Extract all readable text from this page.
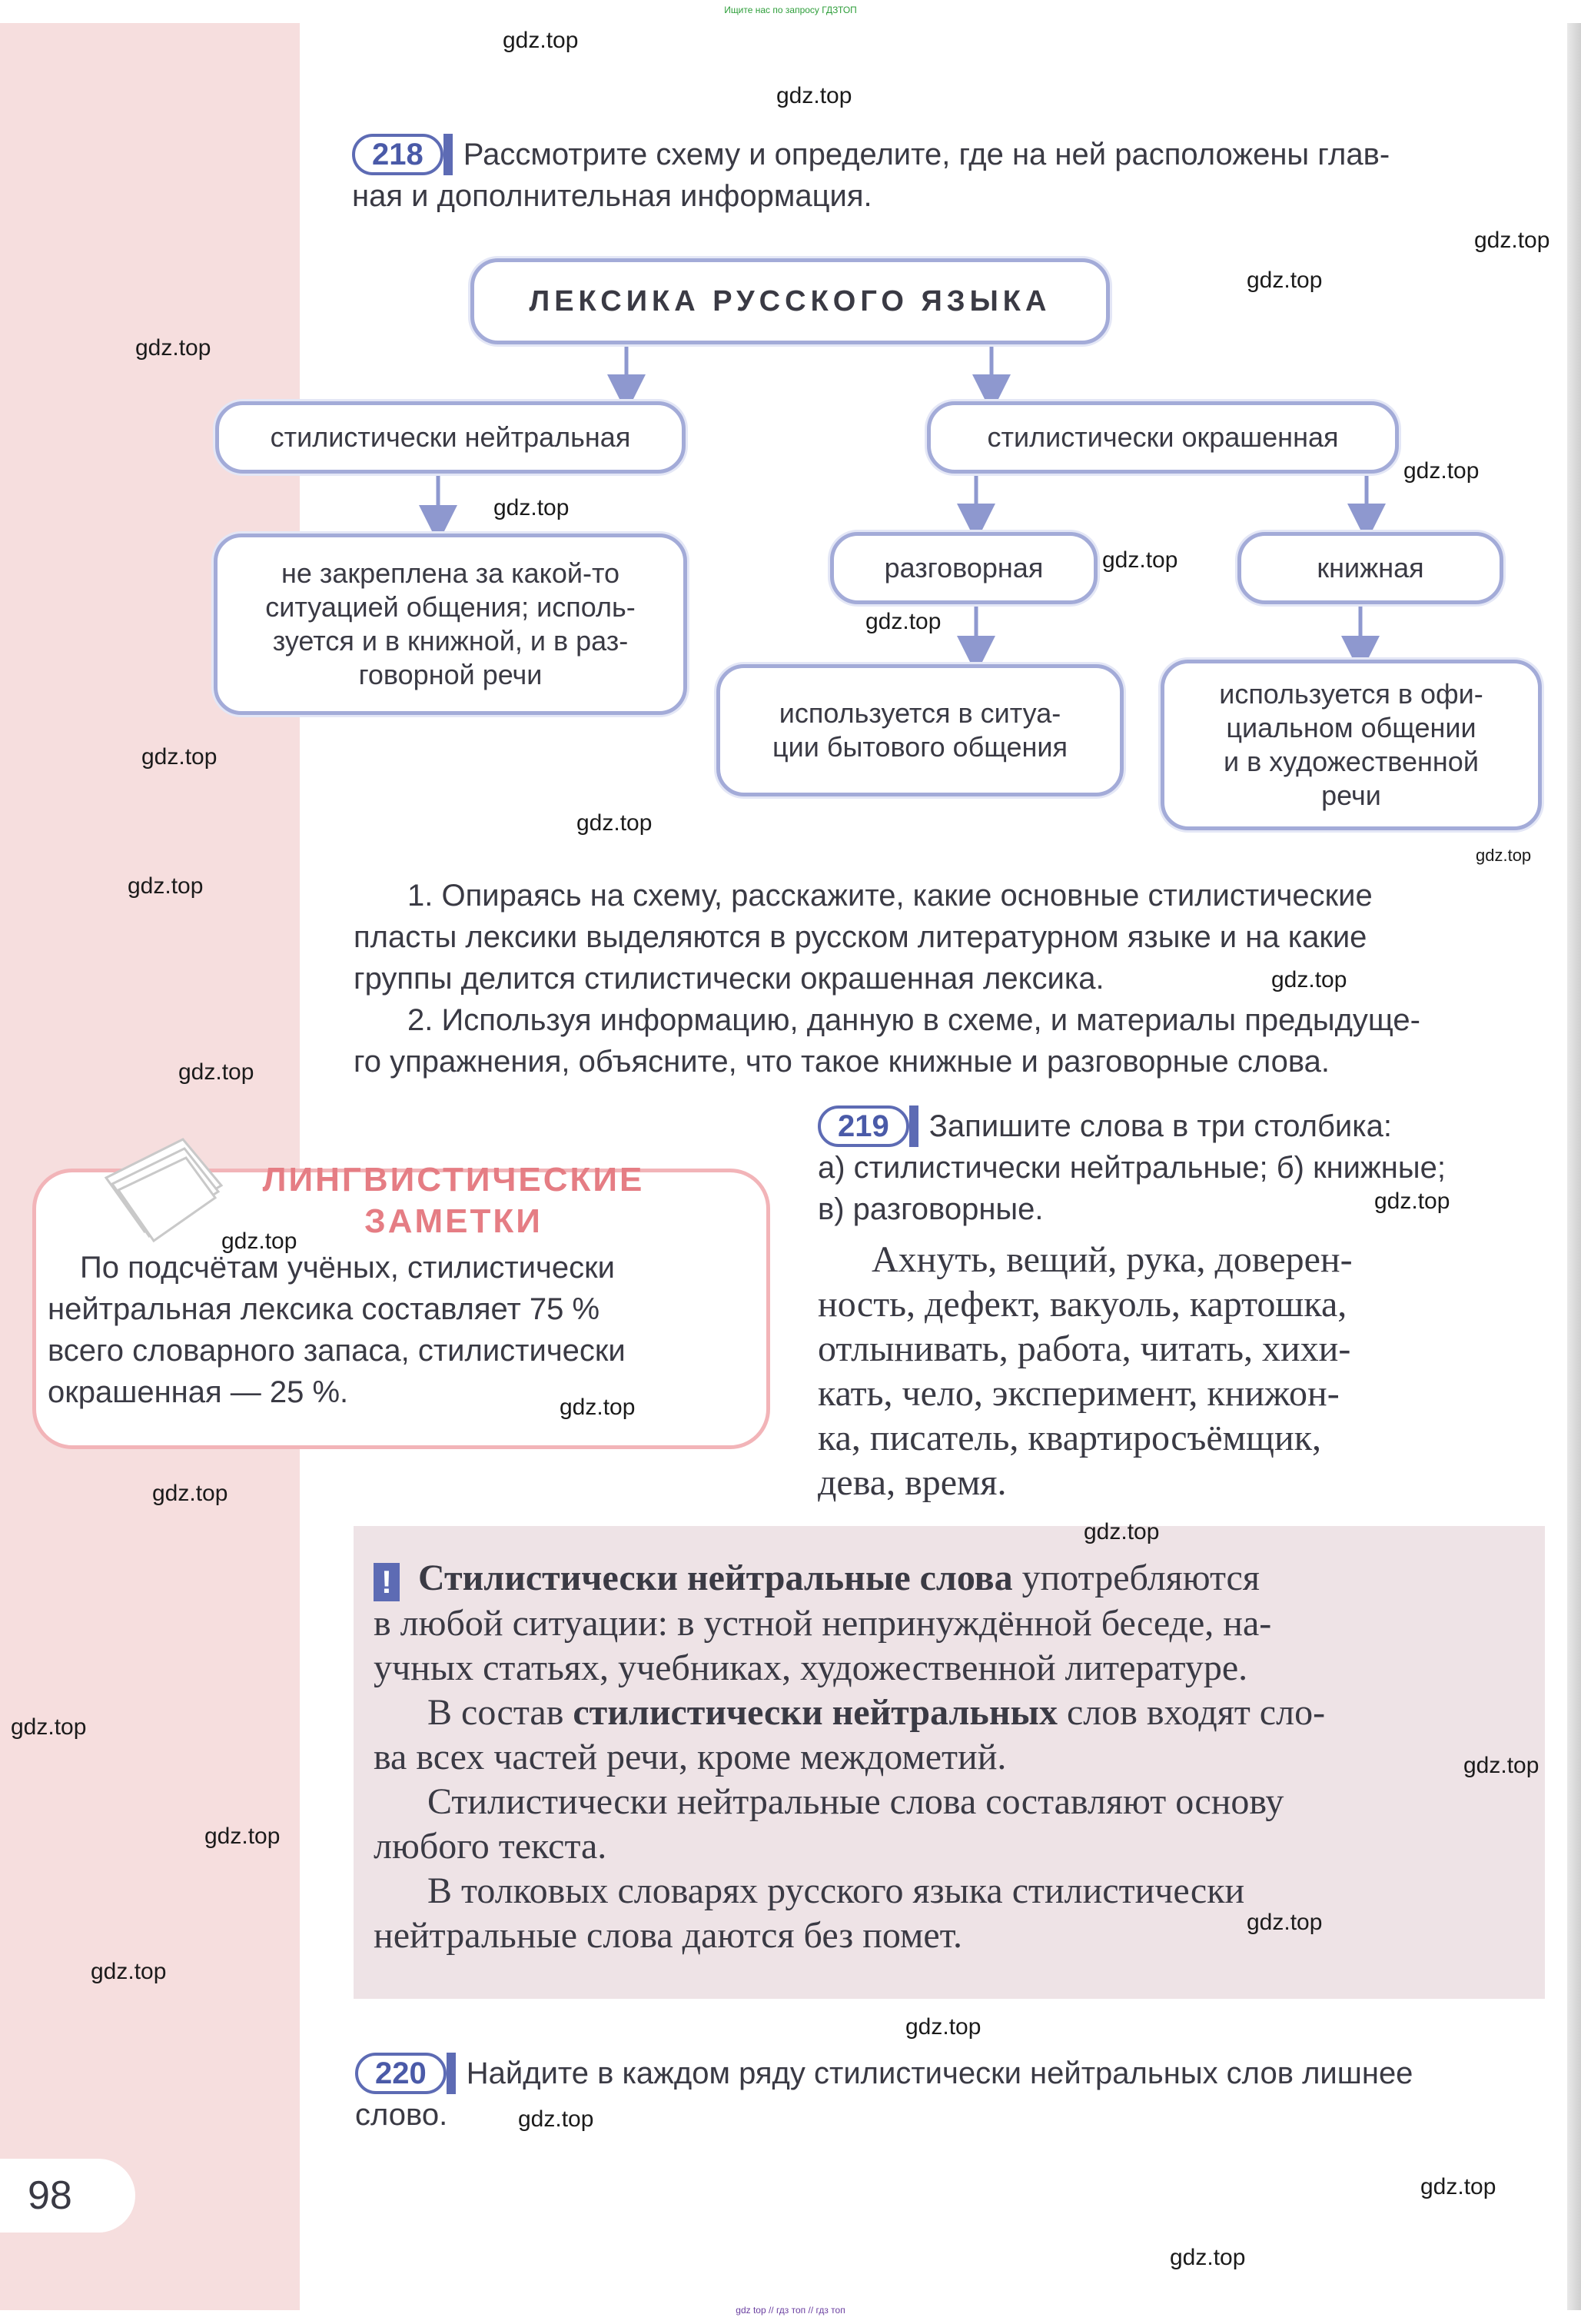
Ищите нас по запросу ГДЗТОП
gdz top // гдз топ // гдз топ
218 Рассмотрите схему и определите, где на ней расположены глав-
ная и дополнительная информация.
ЛЕКСИКА РУССКОГО ЯЗЫКА
стилистически нейтральная	стилистически окрашенная
не закреплена за какой-то
ситуацией общения; исполь-
зуется и в книжной, и в раз-
говорной речи
разговорная	книжная
используется в ситуа-
ции бытового общения
используется в офи-
циальном общении
и в художественной
речи
1. Опираясь на схему, расскажите, какие основные стилистические
пласты лексики выделяются в русском литературном языке и на какие
группы делится стилистически окрашенная лексика.
2. Используя информацию, данную в схеме, и материалы предыдуще-
го упражнения, объясните, что такое книжные и разговорные слова.
ЛИНГВИСТИЧЕСКИЕ
ЗАМЕТКИ
По подсчётам учёных, стилистически
нейтральная лексика составляет 75 %
всего словарного запаса, стилистически
окрашенная — 25 %.
219 Запишите слова в три столбика:
а) стилистически нейтральные; б) книжные;
в) разговорные.
Ахнуть, вещий, рука, доверен-
ность, дефект, вакуоль, картошка,
отлынивать, работа, читать, хихи-
кать, чело, эксперимент, книжон-
ка, писатель, квартиросъёмщик,
дева, время.
! Стилистически нейтральные слова употребляются
в любой ситуации: в устной непринуждённой беседе, на-
учных статьях, учебниках, художественной литературе.
В состав стилистически нейтральных слов входят сло-
ва всех частей речи, кроме междометий.
Стилистически нейтральные слова составляют основу
любого текста.
В толковых словарях русского языка стилистически
нейтральные слова даются без помет.
220 Найдите в каждом ряду стилистически нейтральных слов лишнее
слово.
98
gdz.top
gdz.top
gdz.top
gdz.top
gdz.top
gdz.top
gdz.top
gdz.top
gdz.top
gdz.top
gdz.top
gdz.top
gdz.top
gdz.top
gdz.top
gdz.top
gdz.top
gdz.top
gdz.top
gdz.top
gdz.top
gdz.top
gdz.top
gdz.top
gdz.top
gdz.top
gdz.top
gdz.top
gdz.top
